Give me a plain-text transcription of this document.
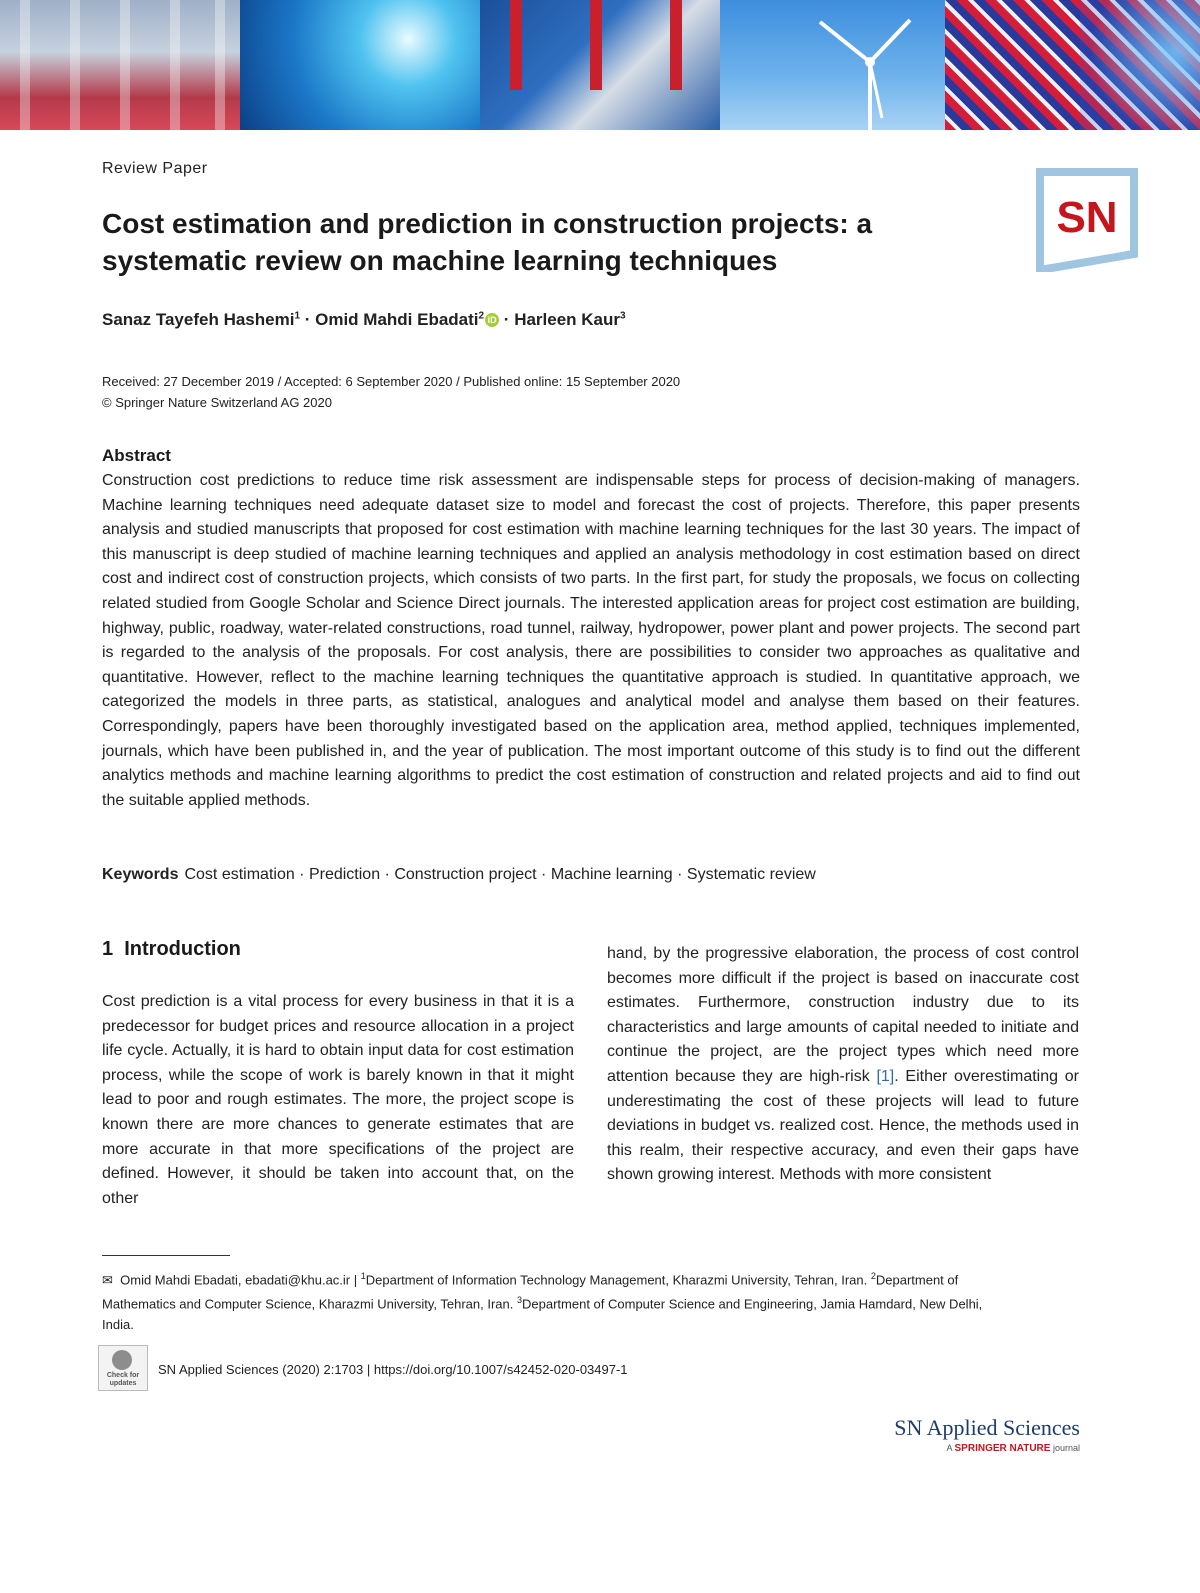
SN
Review Paper
Cost estimation and prediction in construction projects: a systematic review on machine learning techniques
Sanaz Tayefeh Hashemi$^1$ · Omid Mahdi Ebadati$^2$ iD · Harleen Kaur$^3$
Received: 27 December 2019 / Accepted: 6 September 2020 / Published online: 15 September 2020
© Springer Nature Switzerland AG 2020
Abstract
Construction cost predictions to reduce time risk assessment are indispensable steps for process of decision-making of managers. Machine learning techniques need adequate dataset size to model and forecast the cost of projects. Therefore, this paper presents analysis and studied manuscripts that proposed for cost estimation with machine learning techniques for the last 30 years. The impact of this manuscript is deep studied of machine learning techniques and applied an analysis methodology in cost estimation based on direct cost and indirect cost of construction projects, which consists of two parts. In the first part, for study the proposals, we focus on collecting related studied from Google Scholar and Science Direct journals. The interested application areas for project cost estimation are building, highway, public, roadway, water-related constructions, road tunnel, railway, hydropower, power plant and power projects. The second part is regarded to the analysis of the proposals. For cost analysis, there are possibilities to consider two approaches as qualitative and quantitative. However, reflect to the machine learning techniques the quantitative approach is studied. In quantitative approach, we categorized the models in three parts, as statistical, analogues and analytical model and analyse them based on their features. Correspondingly, papers have been thoroughly investigated based on the application area, method applied, techniques implemented, journals, which have been published in, and the year of publication. The most important outcome of this study is to find out the different analytics methods and machine learning algorithms to predict the cost estimation of construction and related projects and aid to find out the suitable applied methods.
Keywords Cost estimation · Prediction · Construction project · Machine learning · Systematic review
1 Introduction
Cost prediction is a vital process for every business in that it is a predecessor for budget prices and resource allocation in a project life cycle. Actually, it is hard to obtain input data for cost estimation process, while the scope of work is barely known in that it might lead to poor and rough estimates. The more, the project scope is known there are more chances to generate estimates that are more accurate in that more specifications of the project are defined. However, it should be taken into account that, on the other
hand, by the progressive elaboration, the process of cost control becomes more difficult if the project is based on inaccurate cost estimates. Furthermore, construction industry due to its characteristics and large amounts of capital needed to initiate and continue the project, are the project types which need more attention because they are high-risk [1]. Either overestimating or underestimating the cost of these projects will lead to future deviations in budget vs. realized cost. Hence, the methods used in this realm, their respective accuracy, and even their gaps have shown growing interest. Methods with more consistent
✉ Omid Mahdi Ebadati, ebadati@khu.ac.ir | $^1$Department of Information Technology Management, Kharazmi University, Tehran, Iran. $^2$Department of Mathematics and Computer Science, Kharazmi University, Tehran, Iran. $^3$Department of Computer Science and Engineering, Jamia Hamdard, New Delhi, India.
Check for updates
SN Applied Sciences (2020) 2:1703 | https://doi.org/10.1007/s42452-020-03497-1
SN Applied Sciences
A SPRINGER NATURE journal
